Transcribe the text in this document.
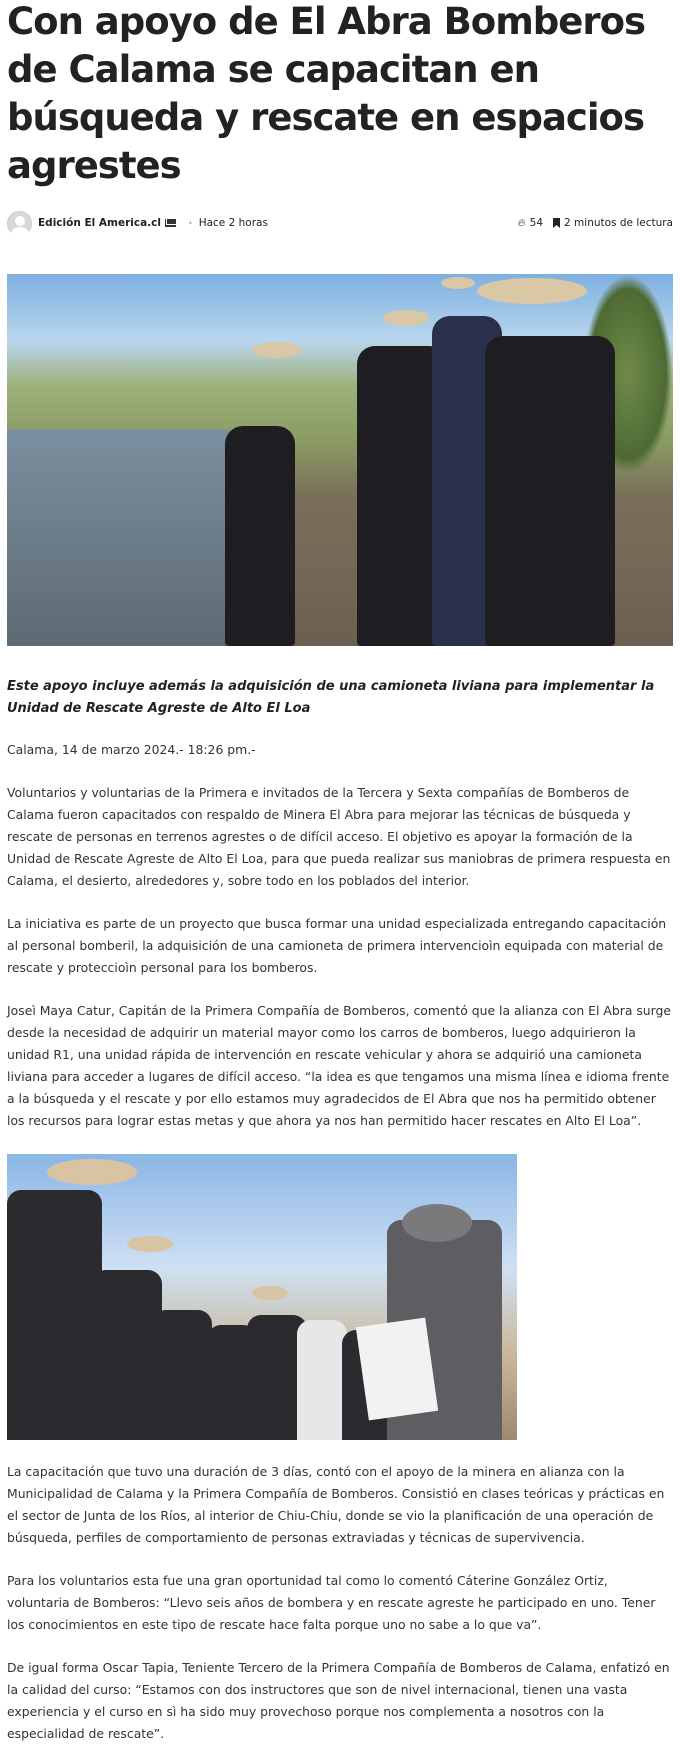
Con apoyo de El Abra Bomberos de Calama se capacitan en búsqueda y rescate en espacios agrestes
Edición El America.cl	• Hace 2 horas	🔥︎ 54 2 minutos de lectura

Este apoyo incluye además la adquisición de una camioneta liviana para implementar la Unidad de Rescate Agreste de Alto El Loa

Calama, 14 de marzo 2024.- 18:26 pm.-

Voluntarios y voluntarias de la Primera e invitados de la Tercera y Sexta compañías de Bomberos de Calama fueron capacitados con respaldo de Minera El Abra para mejorar las técnicas de búsqueda y rescate de personas en terrenos agrestes o de difícil acceso. El objetivo es apoyar la formación de la Unidad de Rescate Agreste de Alto El Loa, para que pueda realizar sus maniobras de primera respuesta en Calama, el desierto, alrededores y, sobre todo en los poblados del interior.

La iniciativa es parte de un proyecto que busca formar una unidad especializada entregando capacitación al personal bomberil, la adquisición de una camioneta de primera intervencioìn equipada con material de rescate y proteccioìn personal para los bomberos.

Joseì Maya Catur, Capitán de la Primera Compañía de Bomberos, comentó que la alianza con El Abra surge desde la necesidad de adquirir un material mayor como los carros de bomberos, luego adquirieron la unidad R1, una unidad rápida de intervención en rescate vehicular y ahora se adquirió una camioneta liviana para acceder a lugares de difícil acceso. “la idea es que tengamos una misma línea e idioma frente a la búsqueda y el rescate y por ello estamos muy agradecidos de El Abra que nos ha permitido obtener los recursos para lograr estas metas y que ahora ya nos han permitido hacer rescates en Alto El Loa”.

La capacitación que tuvo una duración de 3 días, contó con el apoyo de la minera en alianza con la Municipalidad de Calama y la Primera Compañía de Bomberos. Consistió en clases teóricas y prácticas en el sector de Junta de los Ríos, al interior de Chiu-Chiu, donde se vio la planificación de una operación de búsqueda, perfiles de comportamiento de personas extraviadas y técnicas de supervivencia.

Para los voluntarios esta fue una gran oportunidad tal como lo comentó Cáterine González Ortiz, voluntaria de Bomberos: “Llevo seis años de bombera y en rescate agreste he participado en uno. Tener los conocimientos en este tipo de rescate hace falta porque uno no sabe a lo que va”.

De igual forma Oscar Tapia, Teniente Tercero de la Primera Compañía de Bomberos de Calama, enfatizó en la calidad del curso: “Estamos con dos instructores que son de nivel internacional, tienen una vasta experiencia y el curso en sì ha sido muy provechoso porque nos complementa a nosotros con la especialidad de rescate”.
